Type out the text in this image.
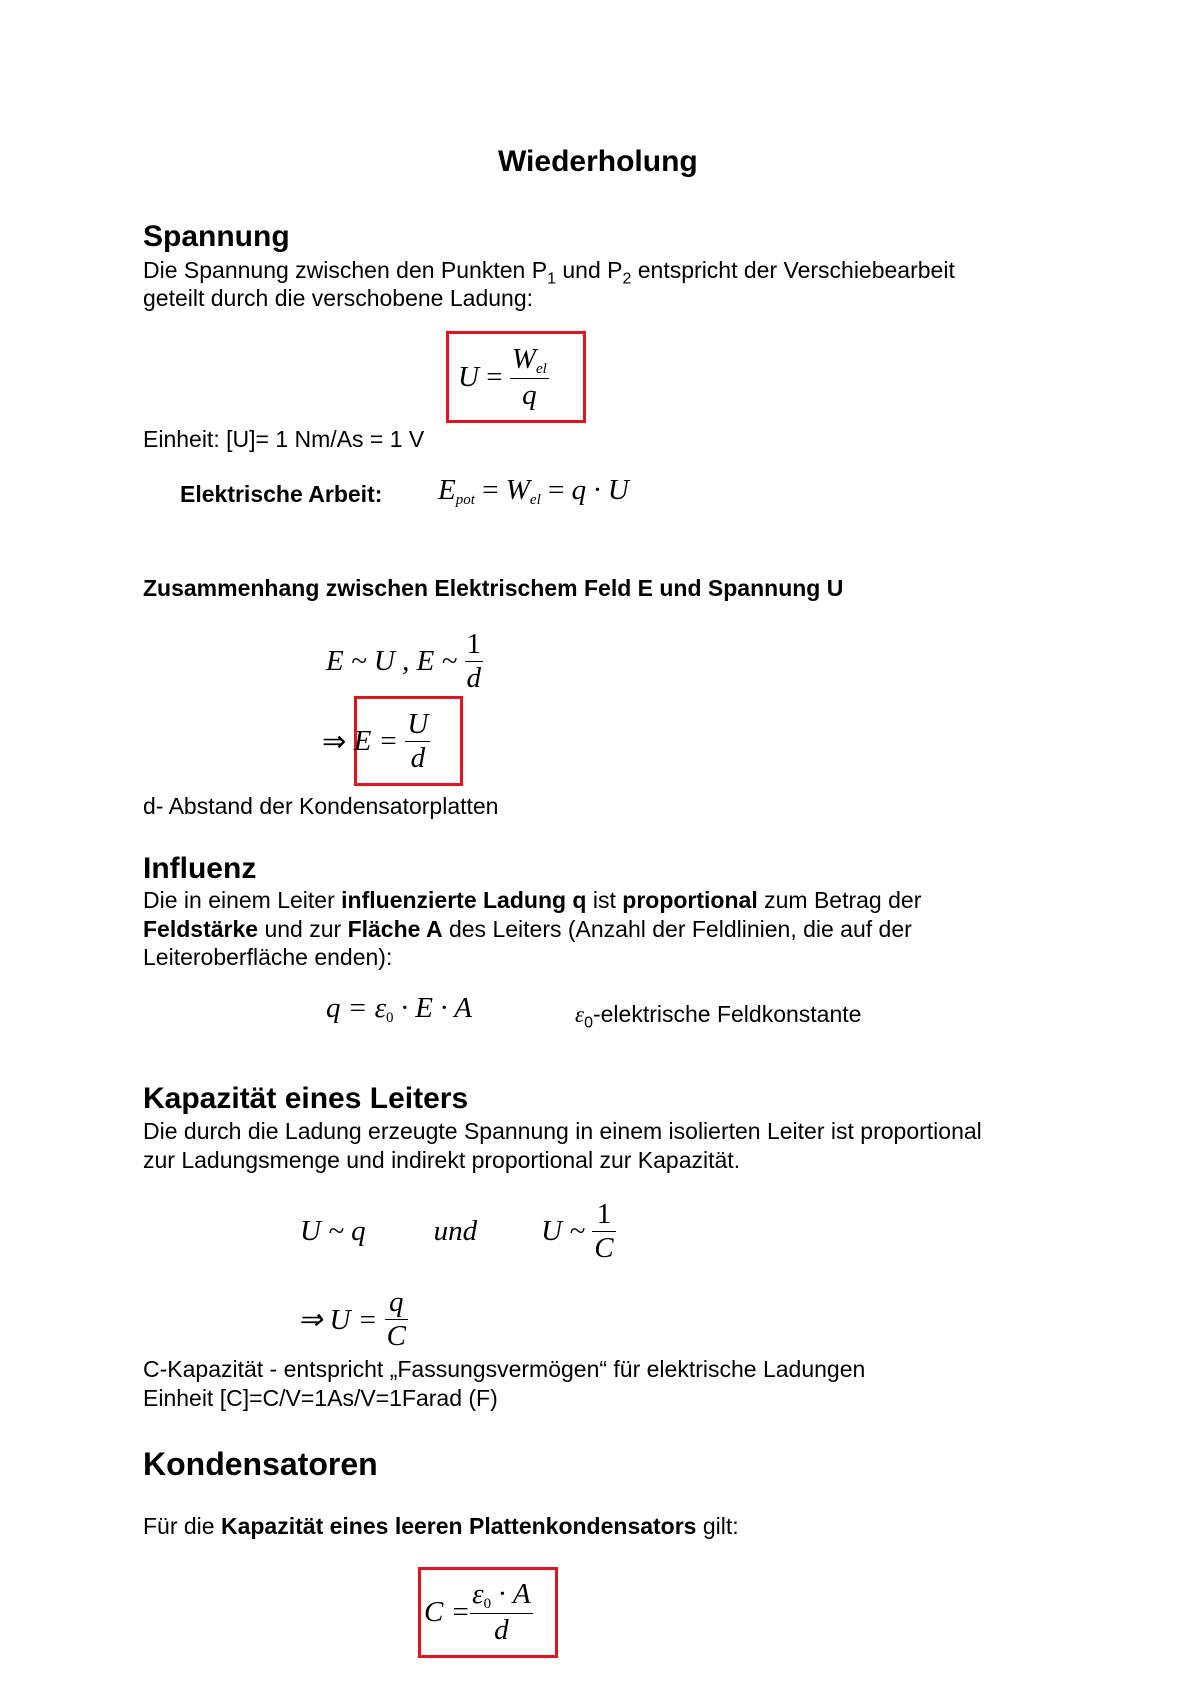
Wiederholung
Spannung
Die Spannung zwischen den Punkten $P_1$ und $P_2$ entspricht der Verschiebearbeit
geteilt durch die verschobene Ladung:
U
=
$\frac{\text{Wel}}{q}$
Einheit: [U]= 1 Nm/As = 1 V
Elektrische Arbeit: Epot = Wel = q · U
Zusammenhang zwischen Elektrischem Feld E und Spannung U
E ~ U , E ~
$\frac{1}{d}$
⇒
E =
$\frac{U}{d}$
d- Abstand der Kondensatorplatten
Influenz
Die in einem Leiter influenzierte Ladung q ist proportional zum Betrag der
Feldstärke und zur Fläche A des Leiters (Anzahl der Feldlinien, die auf der
Leiteroberfläche enden):
q = ε0 · E · A	$\varepsilon_0$-elektrische Feldkonstante
Kapazität eines Leiters
Die durch die Ladung erzeugte Spannung in einem isolierten Leiter ist proportional
zur Ladungsmenge und indirekt proportional zur Kapazität.
U ~ q und U ~
$\frac{1}{C}$
⇒ U =
$\frac{q}{C}$
C-Kapazität - entspricht „Fassungsvermögen“ für elektrische Ladungen
Einheit [C]=C/V=1As/V=1Farad (F)
Kondensatoren
Für die Kapazität eines leeren Plattenkondensators gilt:
$C = \frac{\varepsilon 0 \cdot A}{d}$
